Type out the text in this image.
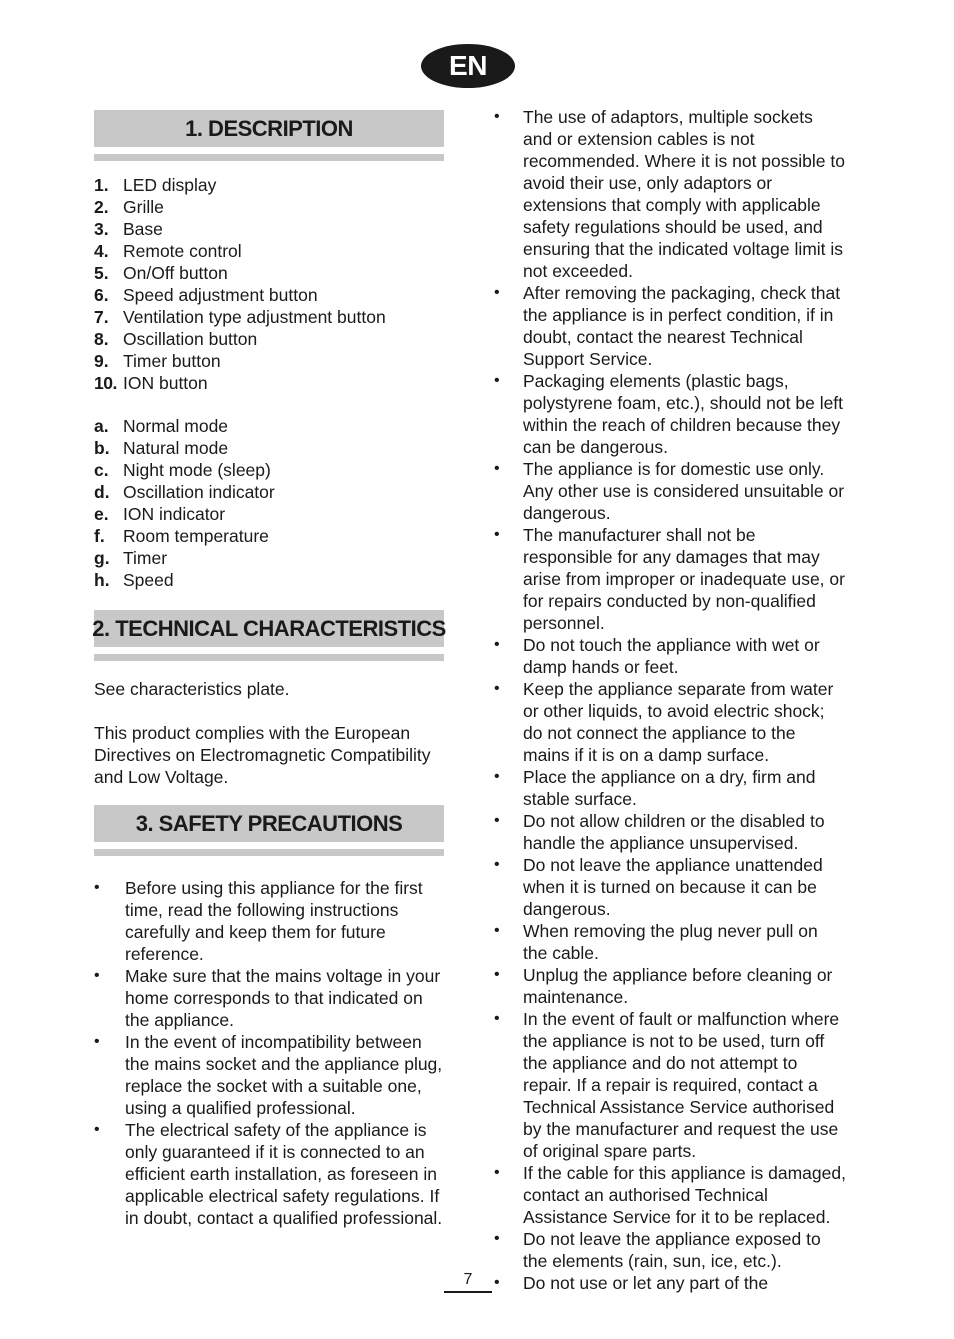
EN
1. DESCRIPTION
1. LED display
2. Grille
3. Base
4. Remote control
5. On/Off button
6. Speed adjustment button
7. Ventilation type adjustment button
8. Oscillation button
9. Timer button
10. ION button
a. Normal mode
b. Natural mode
c. Night mode (sleep)
d. Oscillation indicator
e. ION indicator
f.	Room temperature
g. Timer
h. Speed
2. TECHNICAL CHARACTERISTICS

See characteristics plate.

This product complies with the European Directives on Electromagnetic Compatibility and Low Voltage.

3. SAFETY PRECAUTIONS
• Before using this appliance for the first time, read the following instructions carefully and keep them for future reference.
• Make sure that the mains voltage in your home corresponds to that indicated on the appliance.
• In the event of incompatibility between the mains socket and the appliance plug, replace the socket with a suitable one, using a qualified professional.
• The electrical safety of the appliance is only guaranteed if it is connected to an efficient earth installation, as foreseen in applicable electrical safety regulations. If in doubt, contact a qualified professional.
• The use of adaptors, multiple sockets and or extension cables is not recommended. Where it is not possible to avoid their use, only adaptors or extensions that comply with applicable safety regulations should be used, and ensuring that the indicated voltage limit is not exceeded.
• After removing the packaging, check that the appliance is in perfect condition, if in doubt, contact the nearest Technical Support Service.
• Packaging elements (plastic bags, polystyrene foam, etc.), should not be left within the reach of children because they can be dangerous.
• The appliance is for domestic use only. Any other use is considered unsuitable or dangerous.
• The manufacturer shall not be responsible for any damages that may arise from improper or inadequate use, or for repairs conducted by non-qualified personnel.
• Do not touch the appliance with wet or damp hands or feet.
• Keep the appliance separate from water or other liquids, to avoid electric shock; do not connect the appliance to the mains if it is on a damp surface.
• Place the appliance on a dry, firm and stable surface.
• Do not allow children or the disabled to handle the appliance unsupervised.
• Do not leave the appliance unattended when it is turned on because it can be dangerous.
• When removing the plug never pull on the cable.
• Unplug the appliance before cleaning or maintenance.
• In the event of fault or malfunction where the appliance is not to be used, turn off the appliance and do not attempt to repair. If a repair is required, contact a Technical Assistance Service authorised by the manufacturer and request the use of original spare parts.
• If the cable for this appliance is damaged, contact an authorised Technical Assistance Service for it to be replaced.
• Do not leave the appliance exposed to the elements (rain, sun, ice, etc.).
• Do not use or let any part of the
7
